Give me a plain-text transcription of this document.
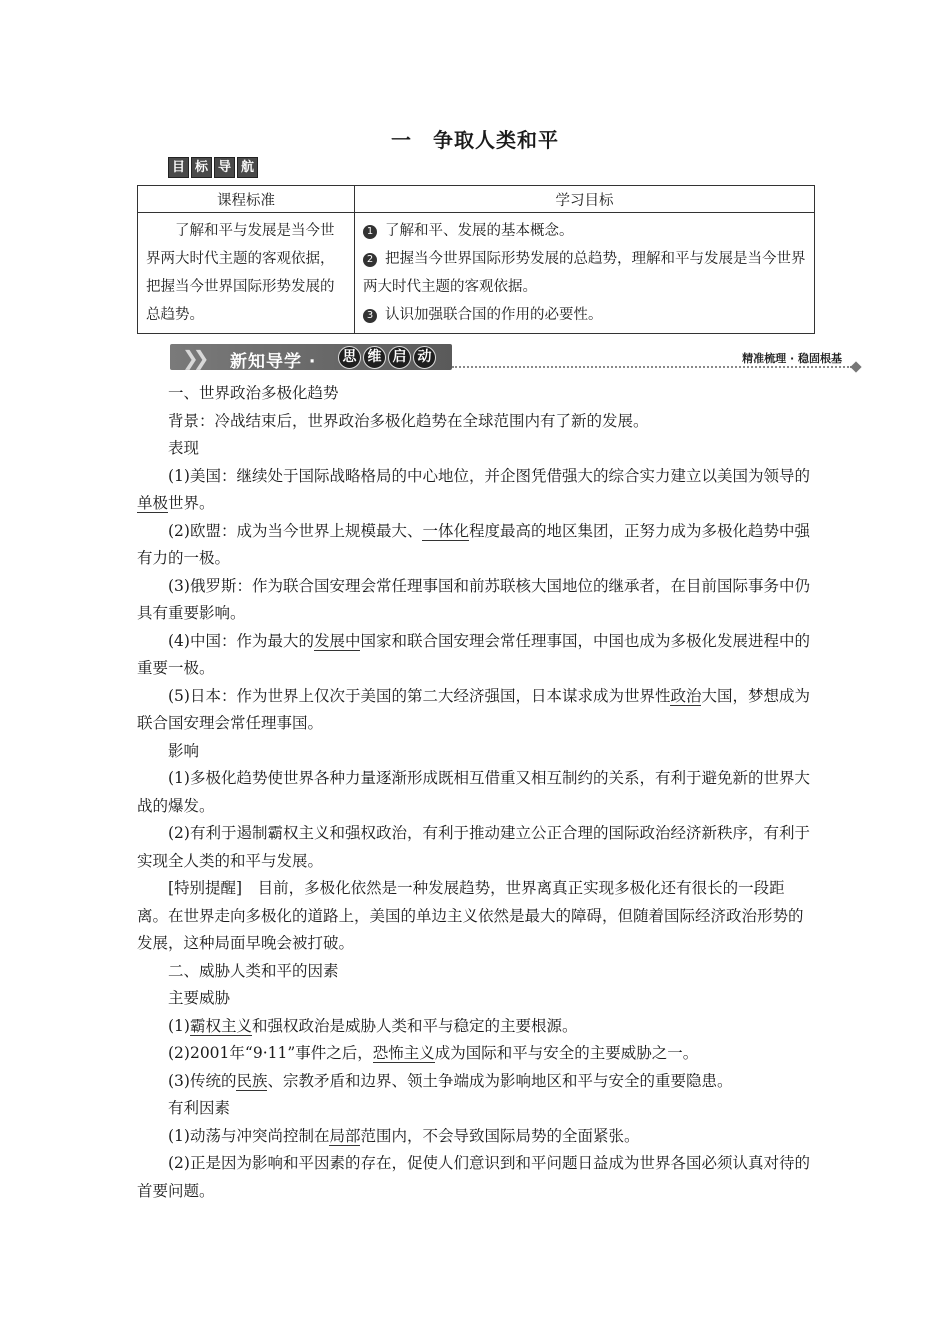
一　争取人类和平
目 标 导 航
课程标准	学习目标
了解和平与发展是当今世界两大时代主题的客观依据，把握当今世界国际形势发展的总趋势。	1 了解和平、发展的基本概念。
2 把握当今世界国际形势发展的总趋势，理解和平与发展是当今世界两大时代主题的客观依据。
3 认识加强联合国的作用的必要性。
❯❯ 新知导学 ·	思 维 启 动	精准梳理 · 稳固根基

一、世界政治多极化趋势

背景：冷战结束后，世界政治多极化趋势在全球范围内有了新的发展。

表现

(1)美国：继续处于国际战略格局的中心地位，并企图凭借强大的综合实力建立以美国为领导的单极世界。

(2)欧盟：成为当今世界上规模最大、一体化程度最高的地区集团，正努力成为多极化趋势中强有力的一极。

(3)俄罗斯：作为联合国安理会常任理事国和前苏联核大国地位的继承者，在目前国际事务中仍具有重要影响。

(4)中国：作为最大的发展中国家和联合国安理会常任理事国，中国也成为多极化发展进程中的重要一极。

(5)日本：作为世界上仅次于美国的第二大经济强国，日本谋求成为世界性政治大国，梦想成为联合国安理会常任理事国。

影响

(1)多极化趋势使世界各种力量逐渐形成既相互借重又相互制约的关系，有利于避免新的世界大战的爆发。

(2)有利于遏制霸权主义和强权政治，有利于推动建立公正合理的国际政治经济新秩序，有利于实现全人类的和平与发展。

[特别提醒]　目前，多极化依然是一种发展趋势，世界离真正实现多极化还有很长的一段距离。在世界走向多极化的道路上，美国的单边主义依然是最大的障碍，但随着国际经济政治形势的发展，这种局面早晚会被打破。

二、威胁人类和平的因素

主要威胁

(1)霸权主义和强权政治是威胁人类和平与稳定的主要根源。

(2)2001年“9·11”事件之后，恐怖主义成为国际和平与安全的主要威胁之一。

(3)传统的民族、宗教矛盾和边界、领土争端成为影响地区和平与安全的重要隐患。

有利因素

(1)动荡与冲突尚控制在局部范围内，不会导致国际局势的全面紧张。

(2)正是因为影响和平因素的存在，促使人们意识到和平问题日益成为世界各国必须认真对待的首要问题。
